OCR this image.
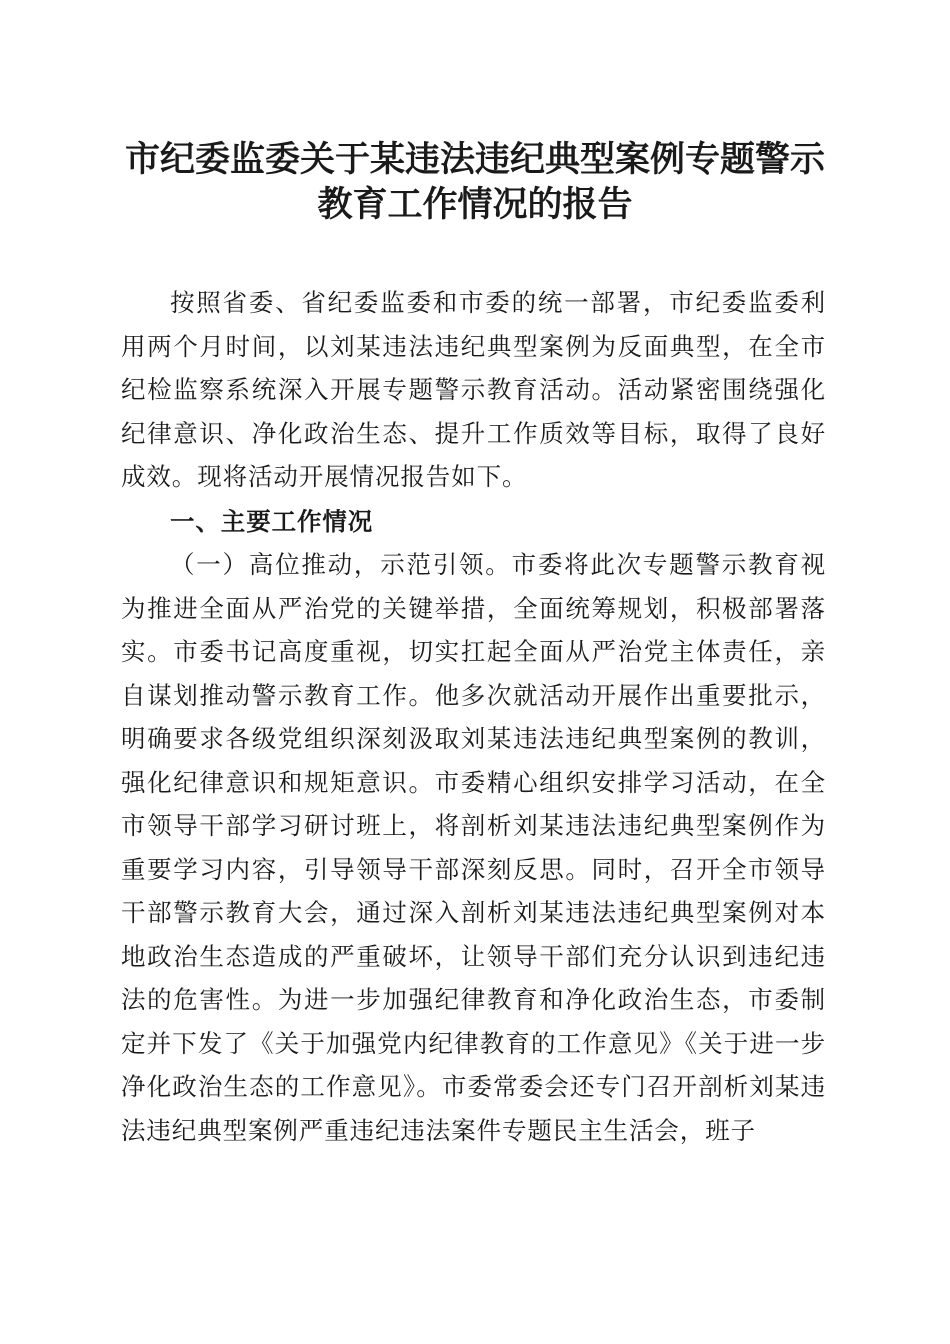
市纪委监委关于某违法违纪典型案例专题警示
教育工作情况的报告
按照省委、省纪委监委和市委的统一部署，市纪委监委利用两个月时间，以刘某违法违纪典型案例为反面典型，在全市纪检监察系统深入开展专题警示教育活动。活动紧密围绕强化纪律意识、净化政治生态、提升工作质效等目标，取得了良好成效。现将活动开展情况报告如下。
一、主要工作情况
（一）高位推动，示范引领。市委将此次专题警示教育视为推进全面从严治党的关键举措，全面统筹规划，积极部署落实。市委书记高度重视，切实扛起全面从严治党主体责任，亲自谋划推动警示教育工作。他多次就活动开展作出重要批示，明确要求各级党组织深刻汲取刘某违法违纪典型案例的教训，强化纪律意识和规矩意识。市委精心组织安排学习活动，在全市领导干部学习研讨班上，将剖析刘某违法违纪典型案例作为重要学习内容，引导领导干部深刻反思。同时，召开全市领导干部警示教育大会，通过深入剖析刘某违法违纪典型案例对本地政治生态造成的严重破坏，让领导干部们充分认识到违纪违法的危害性。为进一步加强纪律教育和净化政治生态，市委制定并下发了《关于加强党内纪律教育的工作意见》《关于进一步净化政治生态的工作意见》。市委常委会还专门召开剖析刘某违法违纪典型案例严重违纪违法案件专题民主生活会，班子
